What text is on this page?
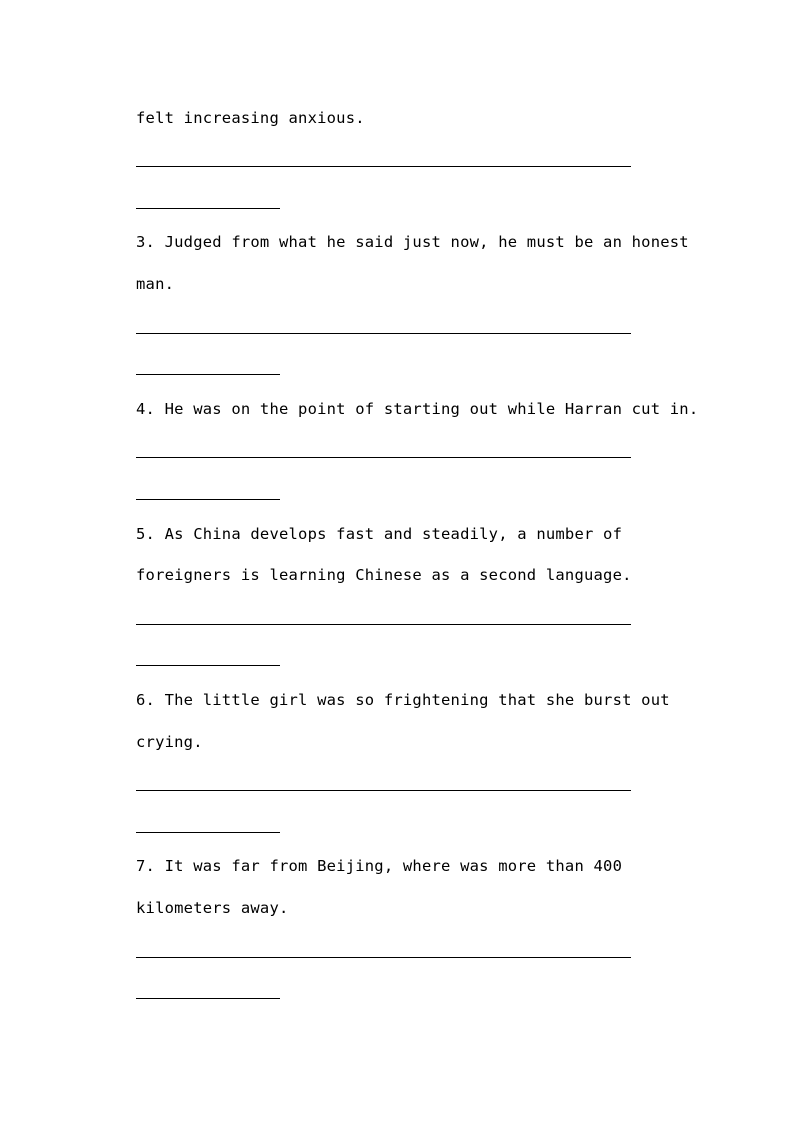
felt increasing anxious.
3. Judged from what he said just now, he must be an honest
man.
4. He was on the point of starting out while Harran cut in.
5. As China develops fast and steadily, a number of
foreigners is learning Chinese as a second language.
6. The little girl was so frightening that she burst out
crying.
7. It was far from Beijing, where was more than 400
kilometers away.
